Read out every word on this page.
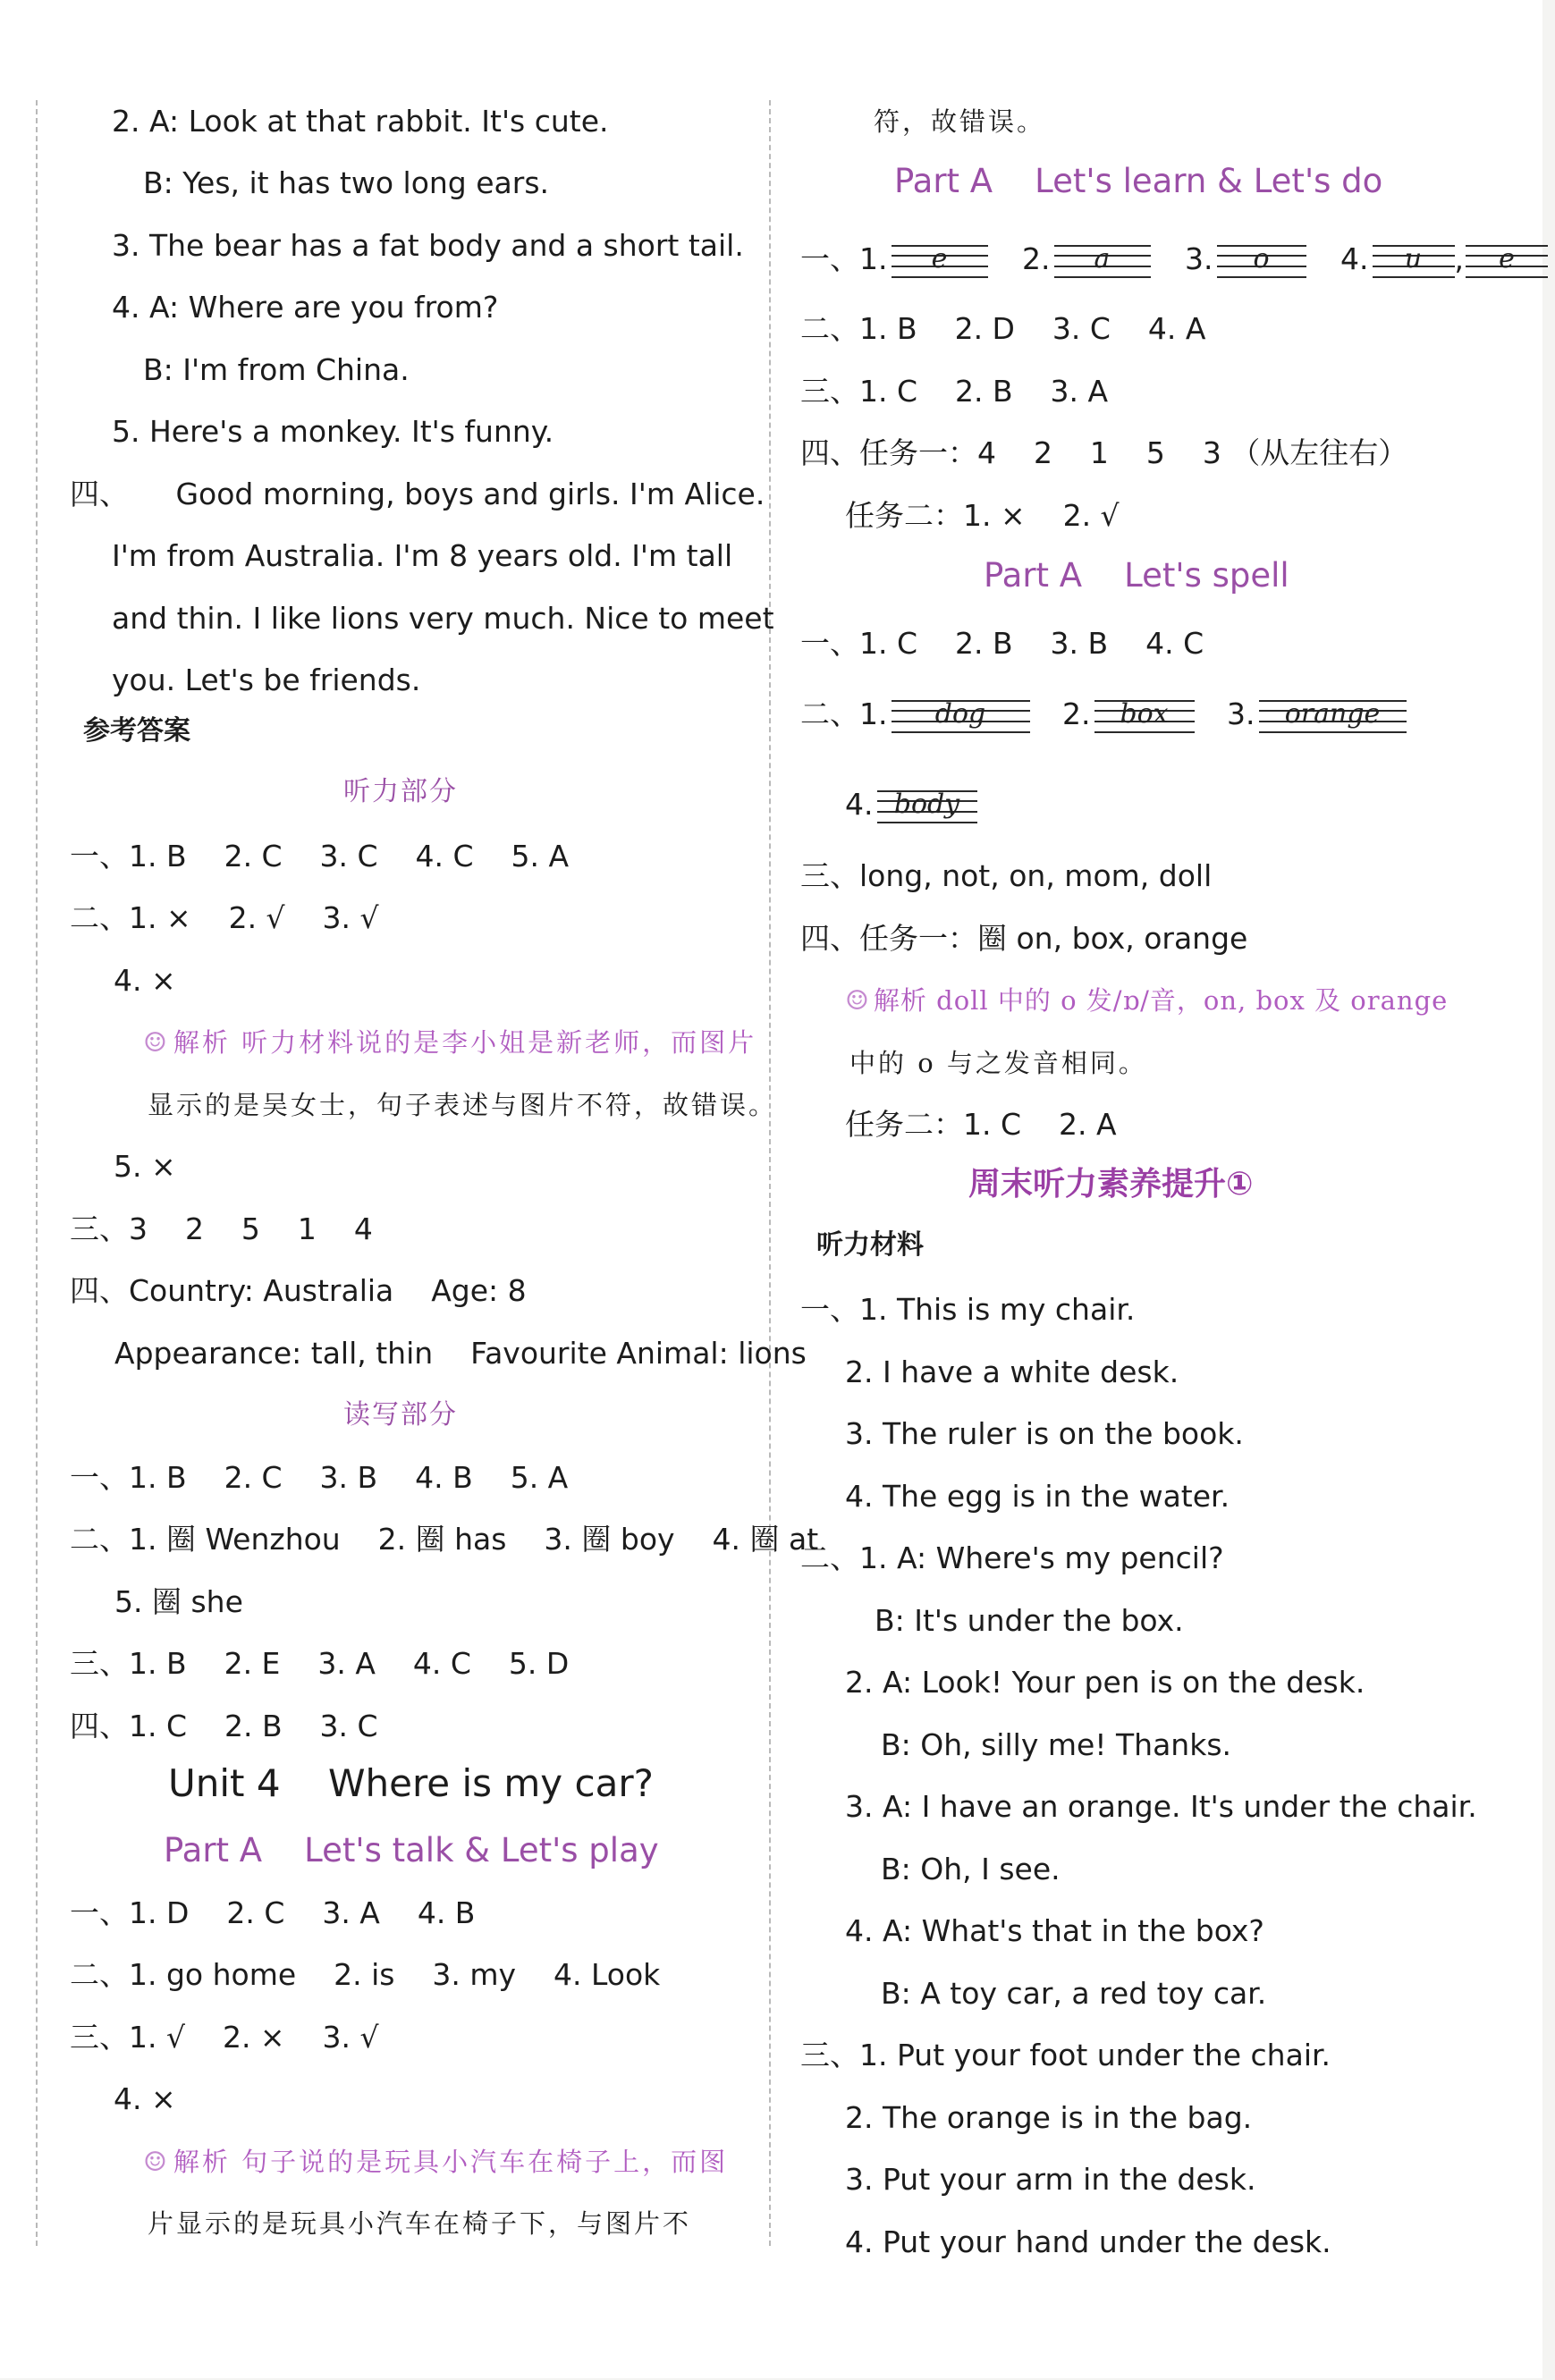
2. A: Look at that rabbit. It's cute.
B: Yes, it has two long ears.
3. The bear has a fat body and a short tail.
4. A: Where are you from?
B: I'm from China.
5. Here's a monkey. It's funny.
四、     Good morning, boys and girls. I'm Alice.
I'm from Australia. I'm 8 years old. I'm tall
and thin. I like lions very much. Nice to meet
you. Let's be friends.
参考答案
听力部分
一、1. B    2. C    3. C    4. C    5. A
二、1. ×    2. √    3. √
4. ×
☺ 解析 听力材料说的是李小姐是新老师，而图片
显示的是吴女士，句子表述与图片不符，故错误。
5. ×
三、3    2    5    1    4
四、Country: Australia    Age: 8
Appearance: tall, thin    Favourite Animal: lions
读写部分
一、1. B    2. C    3. B    4. B    5. A
二、1. 圈 Wenzhou    2. 圈 has    3. 圈 boy    4. 圈 at
5. 圈 she
三、1. B    2. E    3. A    4. C    5. D
四、1. C    2. B    3. C
Unit 4    Where is my car?
Part A    Let's talk & Let's play
一、1. D    2. C    3. A    4. B
二、1. go home    2. is    3. my    4. Look
三、1. √    2. ×    3. √
4. ×
☺ 解析 句子说的是玩具小汽车在椅子上，而图
片显示的是玩具小汽车在椅子下，与图片不
符，故错误。
Part A    Let's learn & Let's do
一、1.	e	2.	a	3.	o	4.	u	,	e
二、1. B    2. D    3. C    4. A
三、1. C    2. B    3. A
四、任务一：4    2    1    5    3 （从左往右）
任务二：1. ×    2. √
Part A    Let's spell
一、1. C    2. B    3. B    4. C
二、1.	dog	2.	box	3.	orange
4. body
三、long, not, on, mom, doll
四、任务一：圈 on, box, orange
☺ 解析 doll 中的 o 发/ɒ/音，on, box 及 orange
中的 o 与之发音相同。
任务二：1. C    2. A
周末听力素养提升①
听力材料
一、1. This is my chair.
2. I have a white desk.
3. The ruler is on the book.
4. The egg is in the water.
二、1. A: Where's my pencil?
B: It's under the box.
2. A: Look! Your pen is on the desk.
B: Oh, silly me! Thanks.
3. A: I have an orange. It's under the chair.
B: Oh, I see.
4. A: What's that in the box?
B: A toy car, a red toy car.
三、1. Put your foot under the chair.
2. The orange is in the bag.
3. Put your arm in the desk.
4. Put your hand under the desk.
